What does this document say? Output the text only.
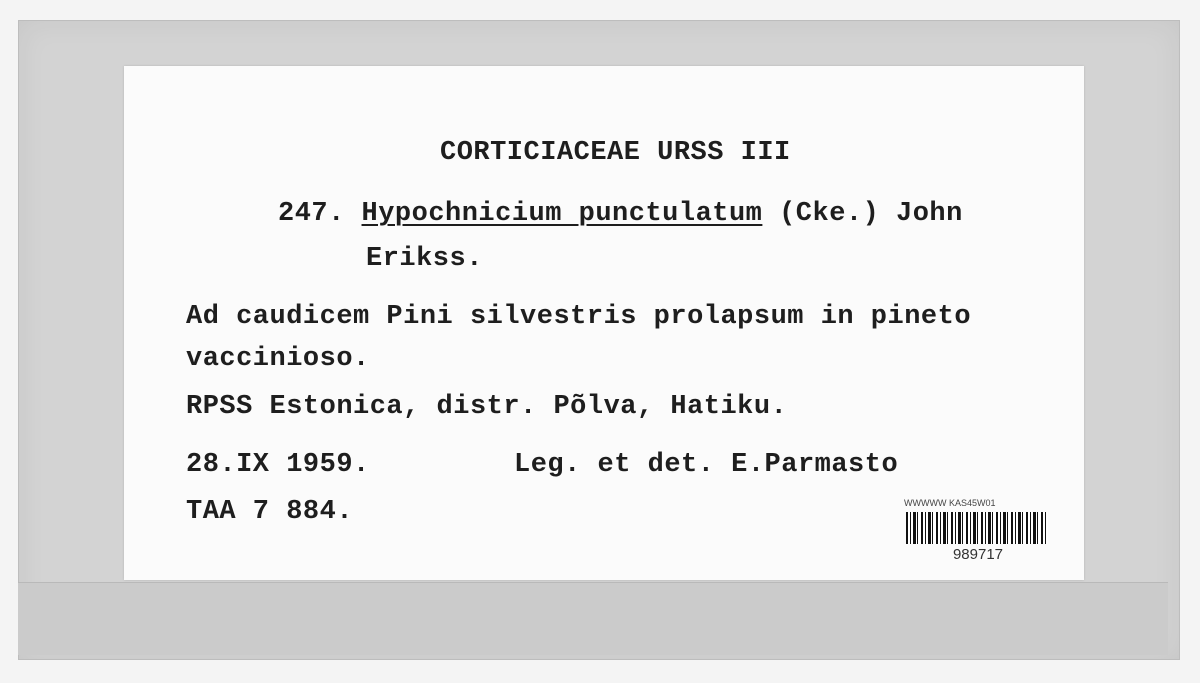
CORTICIACEAE URSS III
247. Hypochnicium punctulatum (Cke.) John
Erikss.
Ad caudicem Pini silvestris prolapsum in pineto
vaccinioso.
RPSS Estonica, distr. Põlva, Hatiku.
28.IX 1959.	Leg. et det. E.Parmasto
TAA 7 884.	WWWWW KAS45W01
989717
